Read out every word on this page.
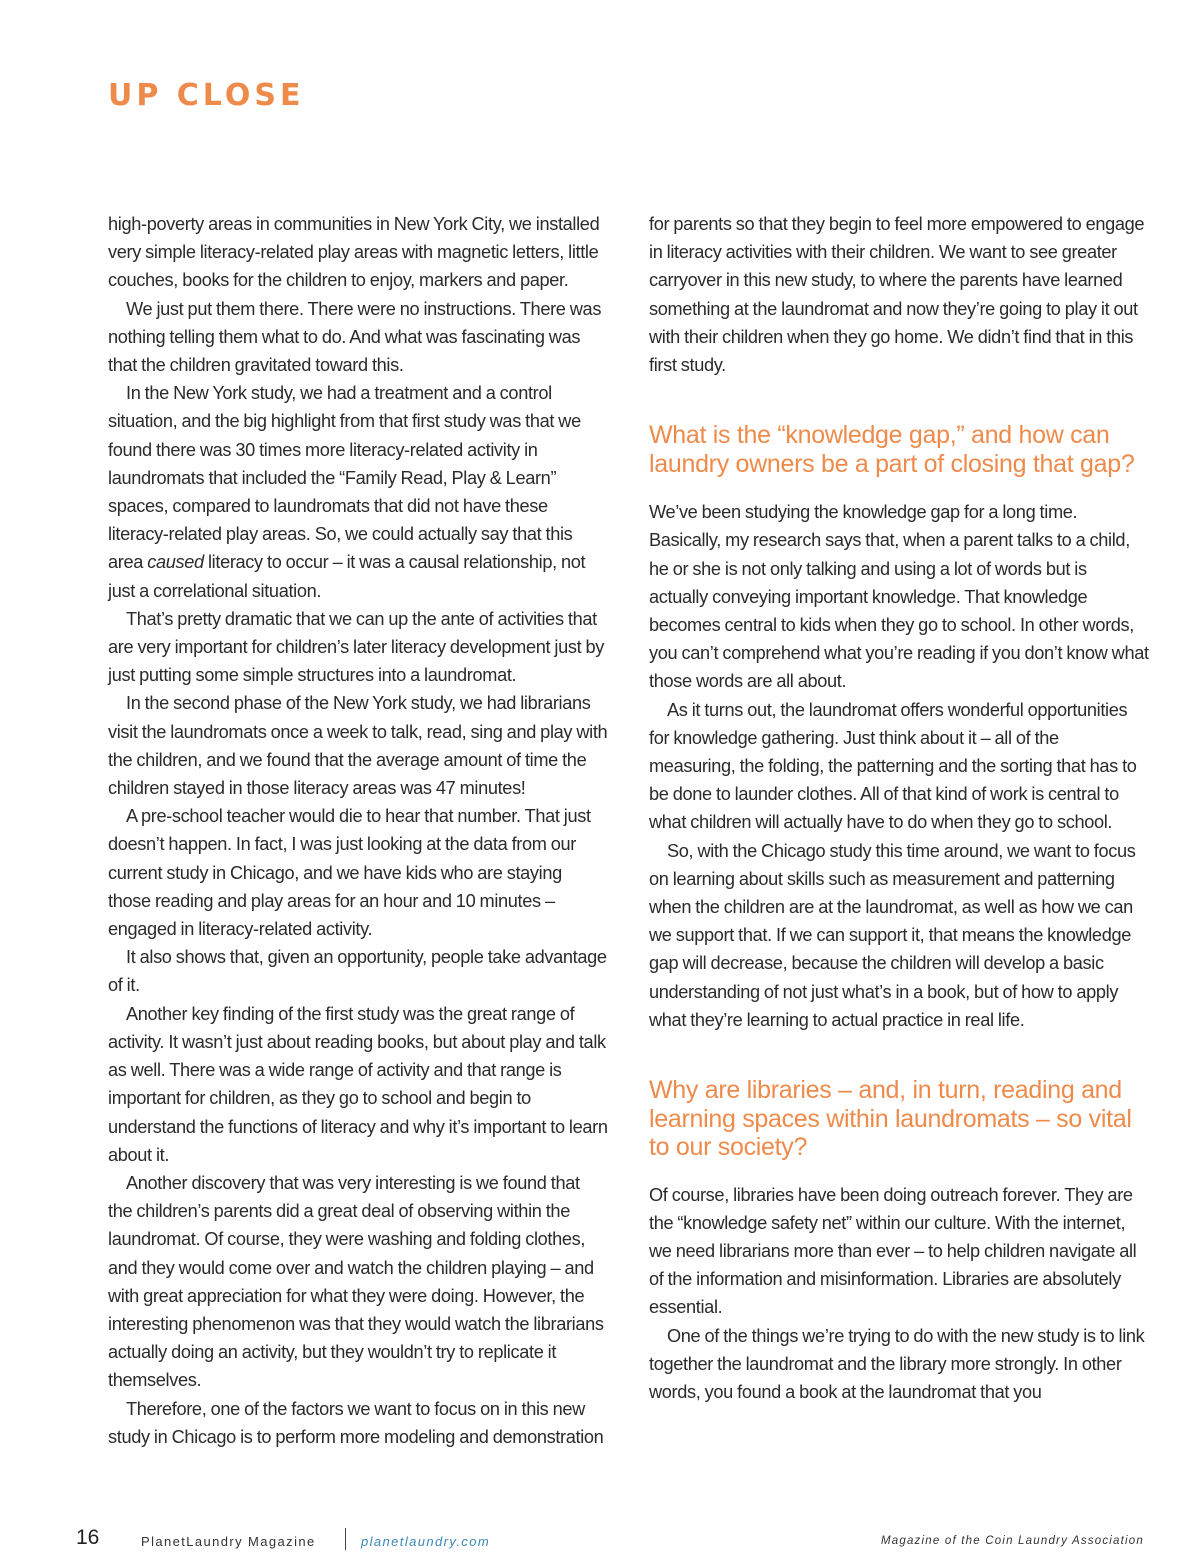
UP CLOSE

high-poverty areas in communities in New York City, we installed very simple literacy-related play areas with magnetic letters, little couches, books for the children to enjoy, markers and paper.

We just put them there. There were no instructions. There was nothing telling them what to do. And what was fascinating was that the children gravitated toward this.

In the New York study, we had a treatment and a control situation, and the big highlight from that first study was that we found there was 30 times more literacy-related activity in laundromats that included the “Family Read, Play & Learn” spaces, compared to laundromats that did not have these literacy-related play areas. So, we could actually say that this area caused literacy to occur – it was a causal relationship, not just a correlational situation.

That’s pretty dramatic that we can up the ante of activities that are very important for children’s later literacy development just by just putting some simple structures into a laundromat.

In the second phase of the New York study, we had librarians visit the laundromats once a week to talk, read, sing and play with the children, and we found that the average amount of time the children stayed in those literacy areas was 47 minutes!

A pre-school teacher would die to hear that number. That just doesn’t happen. In fact, I was just looking at the data from our current study in Chicago, and we have kids who are staying those reading and play areas for an hour and 10 minutes – engaged in literacy-related activity.

It also shows that, given an opportunity, people take advantage of it.

Another key finding of the first study was the great range of activity. It wasn’t just about reading books, but about play and talk as well. There was a wide range of activity and that range is important for children, as they go to school and begin to understand the functions of literacy and why it’s important to learn about it.

Another discovery that was very interesting is we found that the children’s parents did a great deal of observing within the laundromat. Of course, they were washing and folding clothes, and they would come over and watch the children playing – and with great appreciation for what they were doing. However, the interesting phenomenon was that they would watch the librarians actually doing an activity, but they wouldn’t try to replicate it themselves.

Therefore, one of the factors we want to focus on in this new study in Chicago is to perform more modeling and demonstration

for parents so that they begin to feel more empowered to engage in literacy activities with their children. We want to see greater carryover in this new study, to where the parents have learned something at the laundromat and now they’re going to play it out with their children when they go home. We didn’t find that in this first study.

What is the “knowledge gap,” and how can laundry owners be a part of closing that gap?

We’ve been studying the knowledge gap for a long time. Basically, my research says that, when a parent talks to a child, he or she is not only talking and using a lot of words but is actually conveying important knowledge. That knowledge becomes central to kids when they go to school. In other words, you can’t comprehend what you’re reading if you don’t know what those words are all about.

As it turns out, the laundromat offers wonderful opportunities for knowledge gathering. Just think about it – all of the measuring, the folding, the patterning and the sorting that has to be done to launder clothes. All of that kind of work is central to what children will actually have to do when they go to school.

So, with the Chicago study this time around, we want to focus on learning about skills such as measurement and patterning when the children are at the laundromat, as well as how we can we support that. If we can support it, that means the knowledge gap will decrease, because the children will develop a basic understanding of not just what’s in a book, but of how to apply what they’re learning to actual practice in real life.

Why are libraries – and, in turn, reading and learning spaces within laundromats – so vital to our society?

Of course, libraries have been doing outreach forever. They are the “knowledge safety net” within our culture. With the internet, we need librarians more than ever – to help children navigate all of the information and misinformation. Libraries are absolutely essential.

One of the things we’re trying to do with the new study is to link together the laundromat and the library more strongly. In other words, you found a book at the laundromat that you

16	PlanetLaundry Magazine	planetlaundry.com	Magazine of the Coin Laundry Association
